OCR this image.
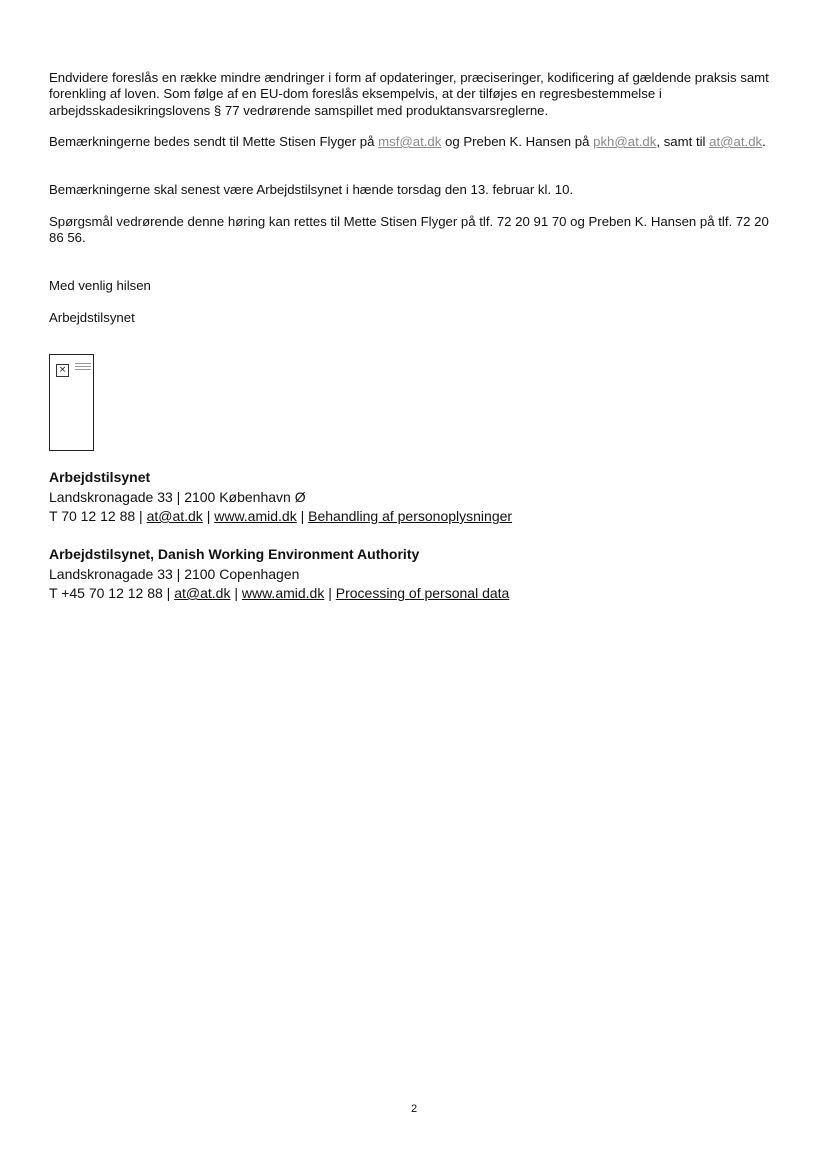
Endvidere foreslås en række mindre ændringer i form af opdateringer, præciseringer, kodificering af gældende praksis samt forenkling af loven. Som følge af en EU-dom foreslås eksempelvis, at der tilføjes en regresbestemmelse i arbejdsskadesikringslovens § 77 vedrørende samspillet med produktansvarsreglerne.

Bemærkningerne bedes sendt til Mette Stisen Flyger på msf@at.dk og Preben K. Hansen på pkh@at.dk, samt til at@at.dk.

Bemærkningerne skal senest være Arbejdstilsynet i hænde torsdag den 13. februar kl. 10.

Spørgsmål vedrørende denne høring kan rettes til Mette Stisen Flyger på tlf. 72 20 91 70 og Preben K. Hansen på tlf. 72 20 86 56.

Med venlig hilsen

Arbejdstilsynet

×
Arbejdstilsynet
Landskronagade 33 | 2100 København Ø
T 70 12 12 88 | at@at.dk | www.amid.dk | Behandling af personoplysninger
Arbejdstilsynet, Danish Working Environment Authority
Landskronagade 33 | 2100 Copenhagen
T +45 70 12 12 88 | at@at.dk | www.amid.dk | Processing of personal data
2
